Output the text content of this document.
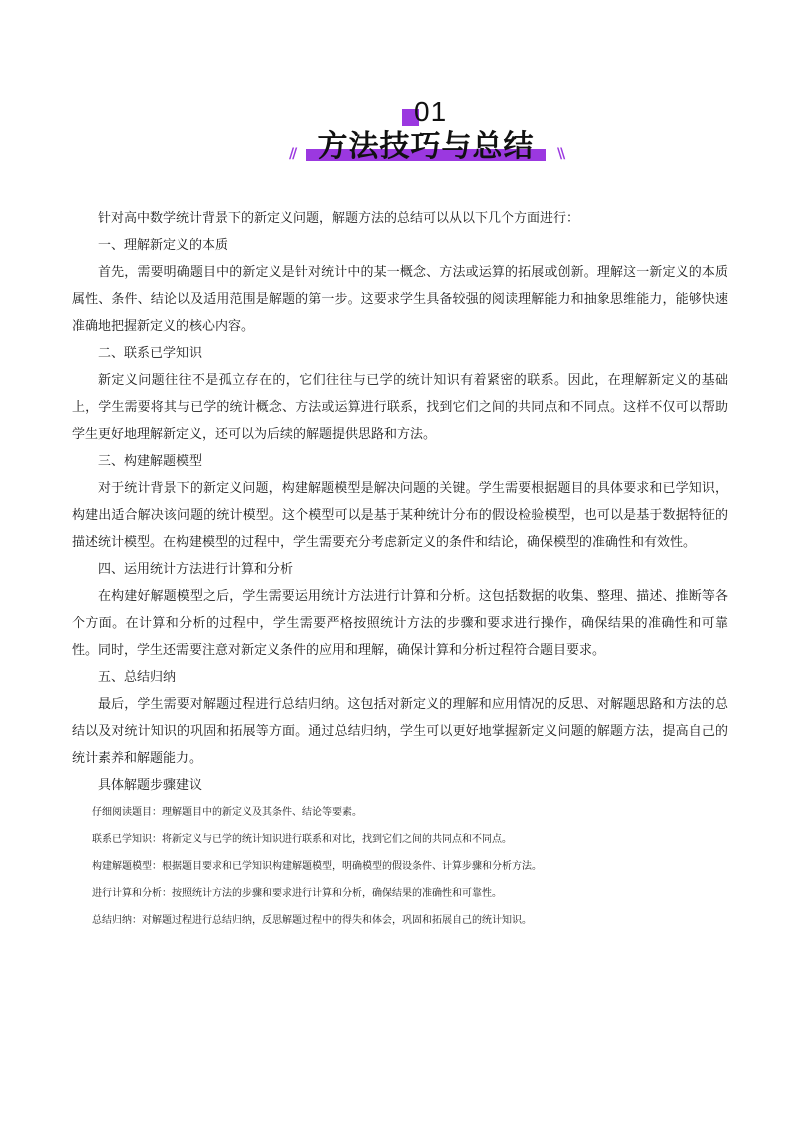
01
// 方法技巧与总结	\\

针对高中数学统计背景下的新定义问题，解题方法的总结可以从以下几个方面进行：

一、理解新定义的本质

首先，需要明确题目中的新定义是针对统计中的某一概念、方法或运算的拓展或创新。理解这一新定义的本质属性、条件、结论以及适用范围是解题的第一步。这要求学生具备较强的阅读理解能力和抽象思维能力，能够快速准确地把握新定义的核心内容。

二、联系已学知识

新定义问题往往不是孤立存在的，它们往往与已学的统计知识有着紧密的联系。因此，在理解新定义的基础上，学生需要将其与已学的统计概念、方法或运算进行联系，找到它们之间的共同点和不同点。这样不仅可以帮助学生更好地理解新定义，还可以为后续的解题提供思路和方法。

三、构建解题模型

对于统计背景下的新定义问题，构建解题模型是解决问题的关键。学生需要根据题目的具体要求和已学知识，构建出适合解决该问题的统计模型。这个模型可以是基于某种统计分布的假设检验模型，也可以是基于数据特征的描述统计模型。在构建模型的过程中，学生需要充分考虑新定义的条件和结论，确保模型的准确性和有效性。

四、运用统计方法进行计算和分析

在构建好解题模型之后，学生需要运用统计方法进行计算和分析。这包括数据的收集、整理、描述、推断等各个方面。在计算和分析的过程中，学生需要严格按照统计方法的步骤和要求进行操作，确保结果的准确性和可靠性。同时，学生还需要注意对新定义条件的应用和理解，确保计算和分析过程符合题目要求。

五、总结归纳

最后，学生需要对解题过程进行总结归纳。这包括对新定义的理解和应用情况的反思、对解题思路和方法的总结以及对统计知识的巩固和拓展等方面。通过总结归纳，学生可以更好地掌握新定义问题的解题方法，提高自己的统计素养和解题能力。

具体解题步骤建议

仔细阅读题目：理解题目中的新定义及其条件、结论等要素。

联系已学知识：将新定义与已学的统计知识进行联系和对比，找到它们之间的共同点和不同点。

构建解题模型：根据题目要求和已学知识构建解题模型，明确模型的假设条件、计算步骤和分析方法。

进行计算和分析：按照统计方法的步骤和要求进行计算和分析，确保结果的准确性和可靠性。

总结归纳：对解题过程进行总结归纳，反思解题过程中的得失和体会，巩固和拓展自己的统计知识。
